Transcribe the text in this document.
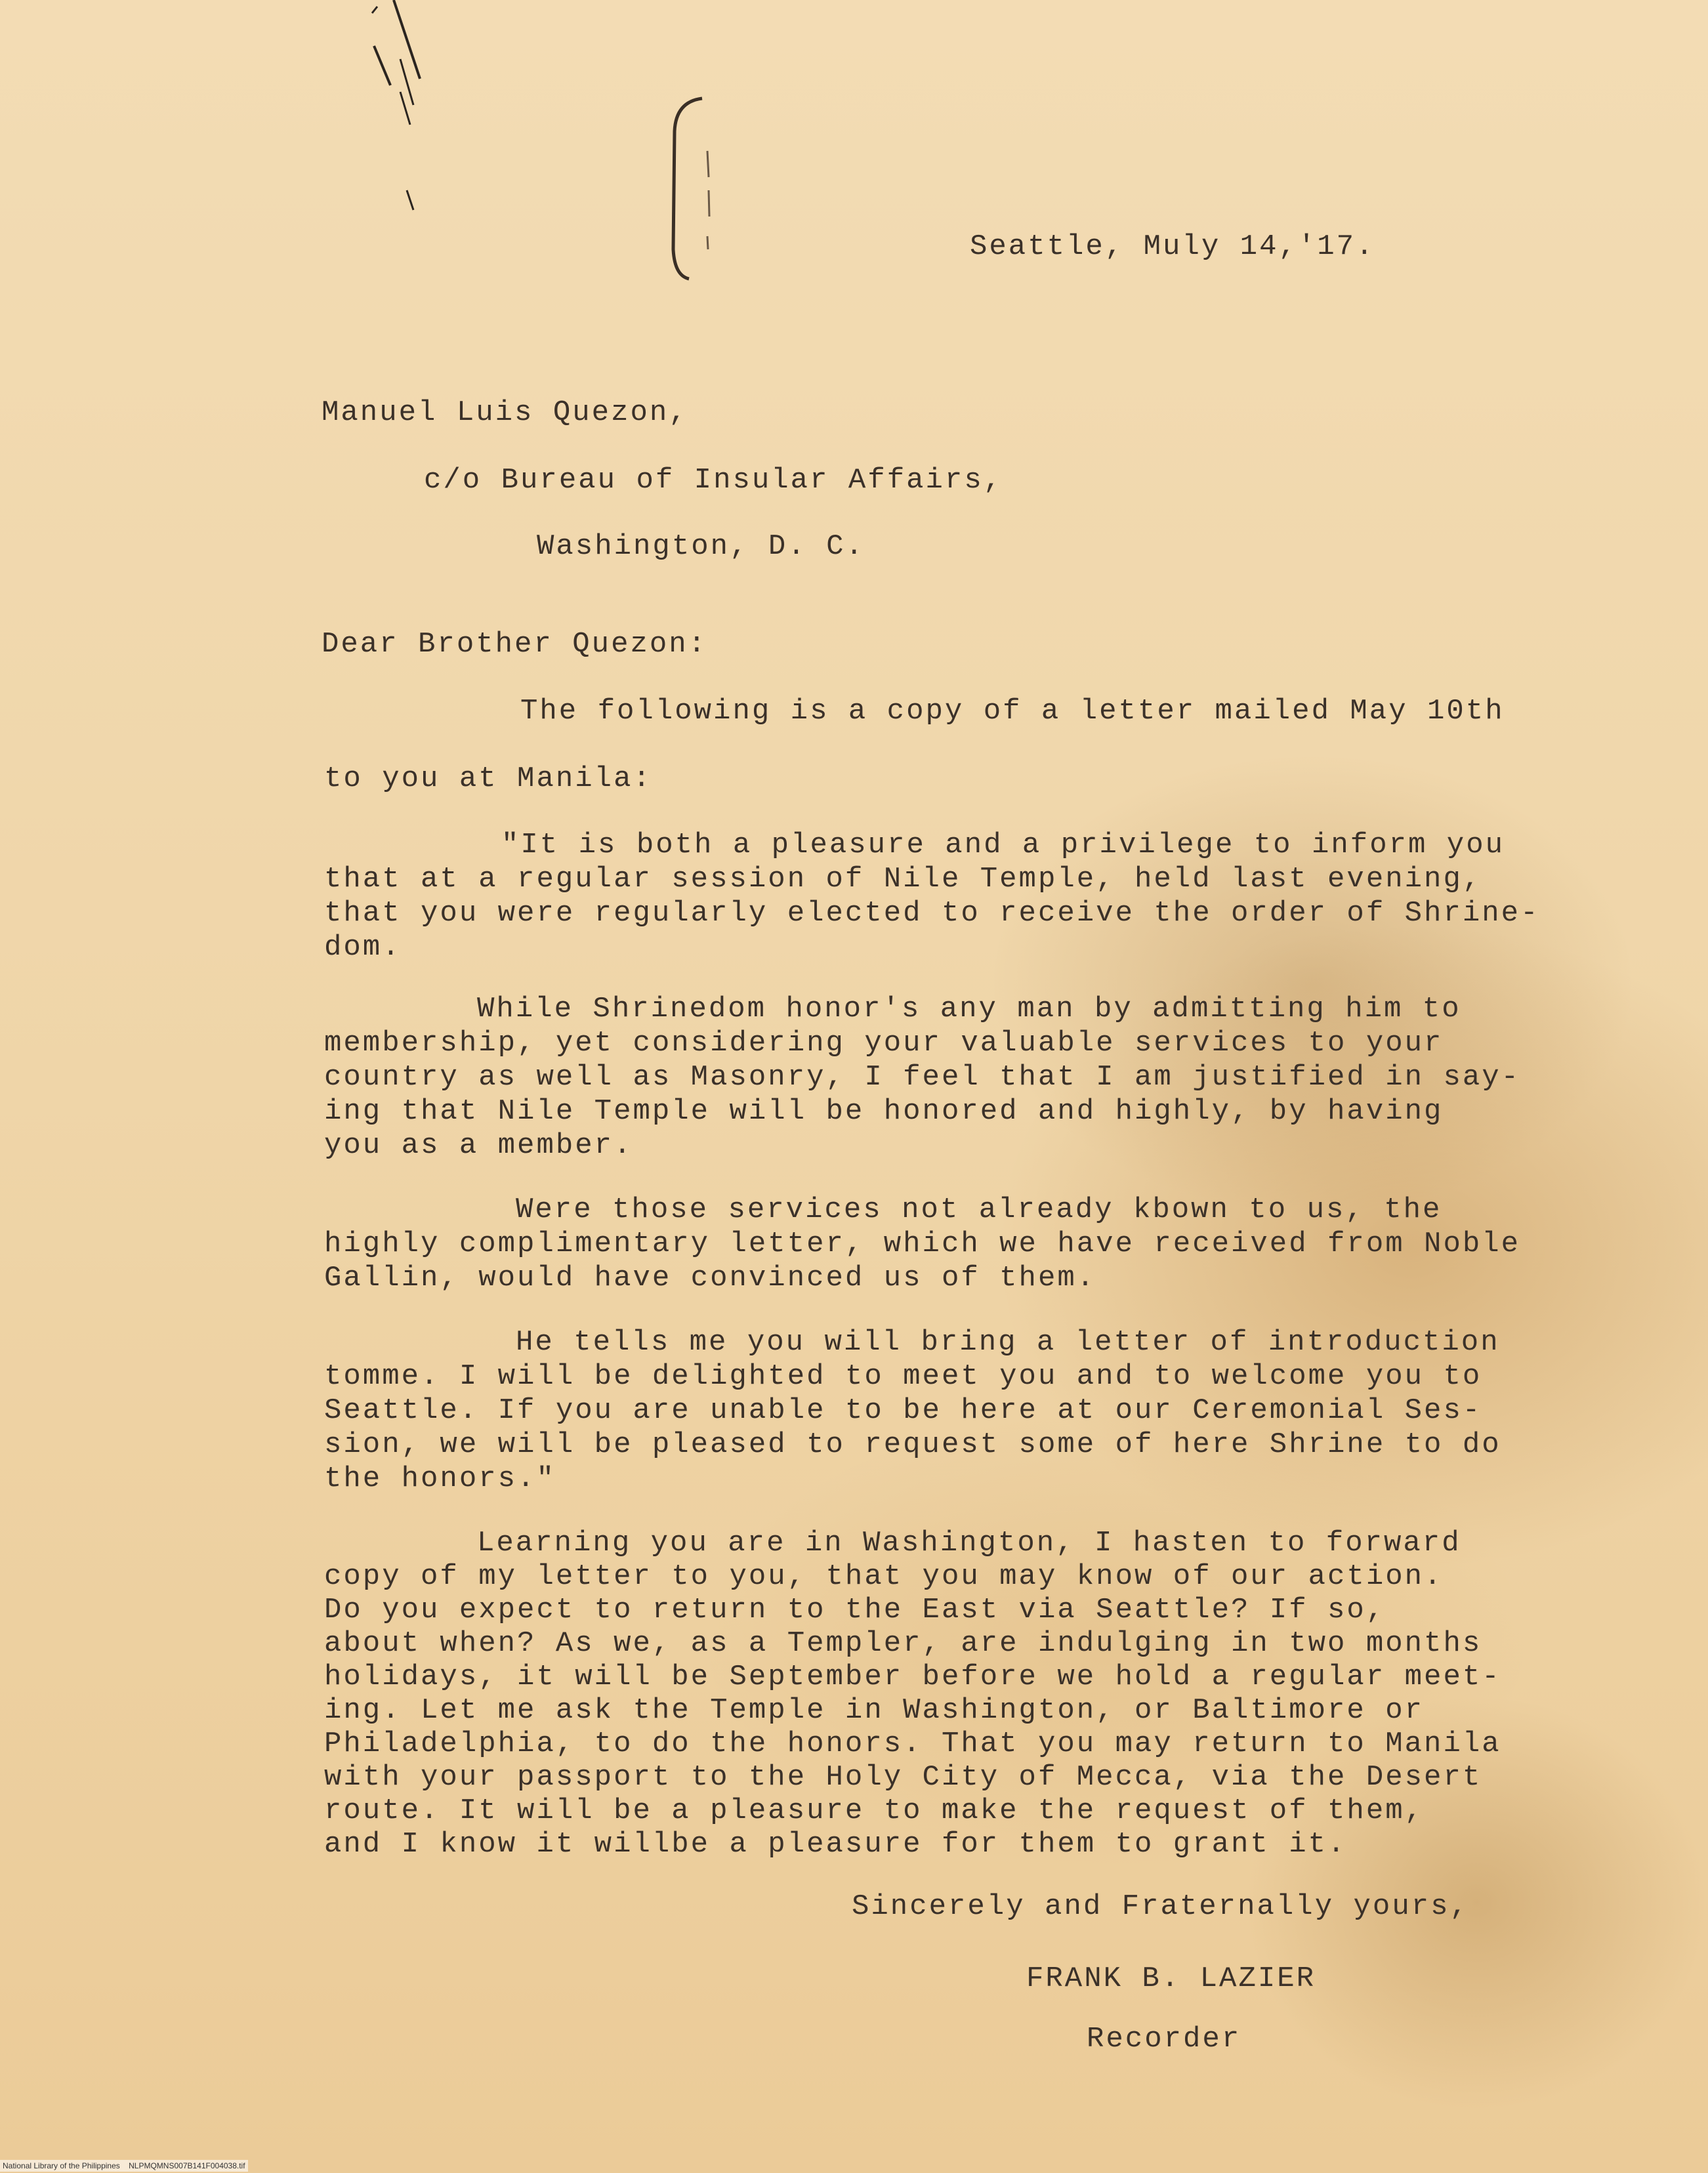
Seattle, Muly 14,'17.
Manuel Luis Quezon,
c/o Bureau of Insular Affairs,
Washington, D. C.
Dear Brother Quezon:
The following is a copy of a letter mailed May 10th
to you at Manila:
"It is both a pleasure and a privilege to inform you
that at a regular session of Nile Temple, held last evening,
that you were regularly elected to receive the order of Shrine-
dom.
While Shrinedom honor's any man by admitting him to
membership, yet considering your valuable services to your
country as well as Masonry, I feel that I am justified in say-
ing that Nile Temple will be honored and highly, by having
you as a member.
Were those services not already kbown to us, the
highly complimentary letter, which we have received from Noble
Gallin, would have convinced us of them.
He tells me you will bring a letter of introduction
tomme. I will be delighted to meet you and to welcome you to
Seattle. If you are unable to be here at our Ceremonial Ses-
sion, we will be pleased to request some of here Shrine to do
the honors."
Learning you are in Washington, I hasten to forward
copy of my letter to you, that you may know of our action.
Do you expect to return to the East via Seattle? If so,
about when? As we, as a Templer, are indulging in two months
holidays, it will be September before we hold a regular meet-
ing. Let me ask the Temple in Washington, or Baltimore or
Philadelphia, to do the honors. That you may return to Manila
with your passport to the Holy City of Mecca, via the Desert
route. It will be a pleasure to make the request of them,
and I know it willbe a pleasure for them to grant it.
Sincerely and Fraternally yours,
FRANK B. LAZIER
Recorder
National Library of the Philippines NLPMQMNS007B141F004038.tif
